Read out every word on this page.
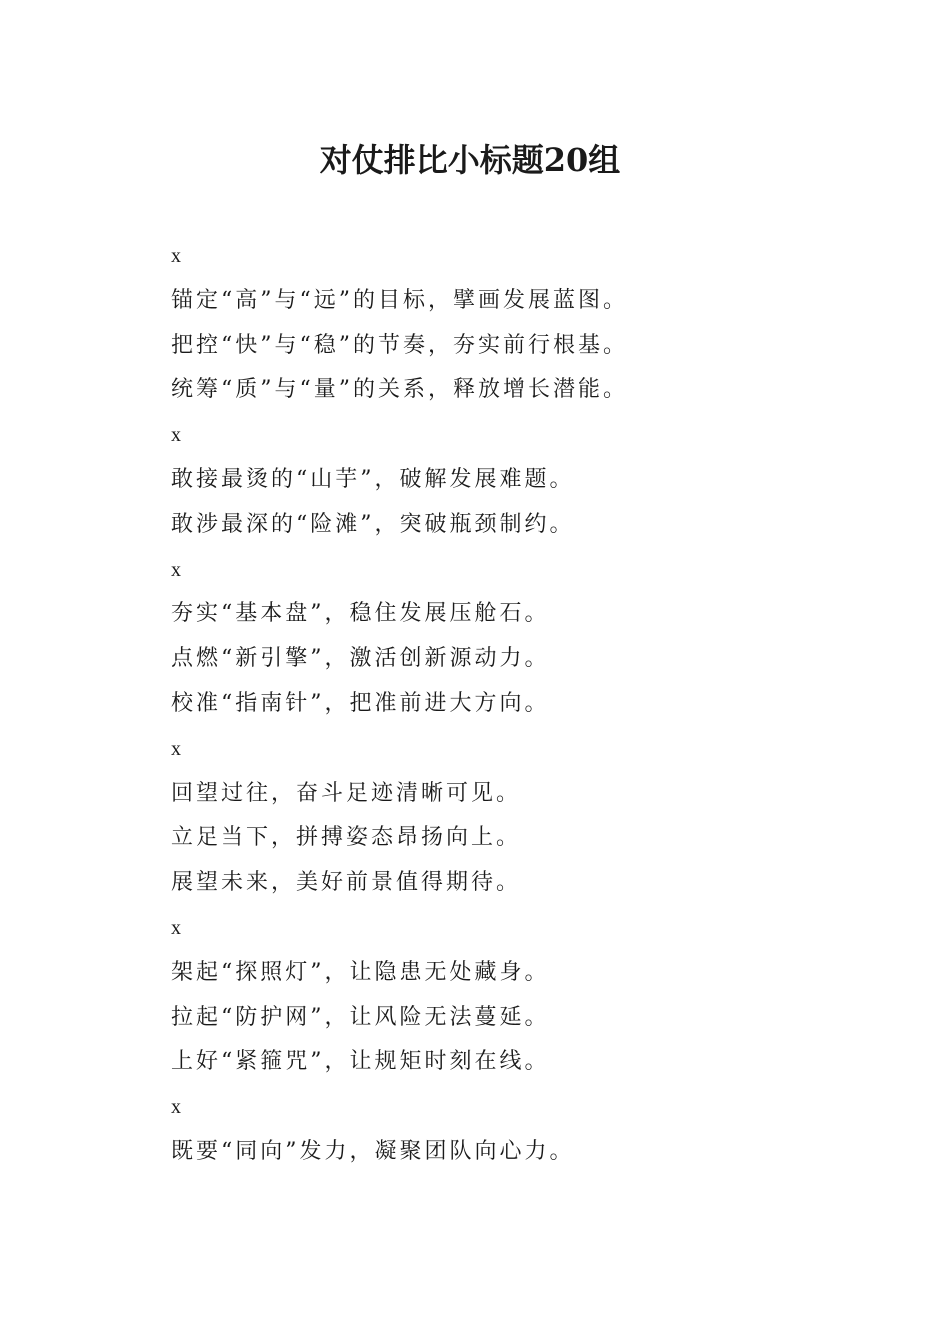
对仗排比小标题20组

x

锚定“高”与“远”的目标，擘画发展蓝图。

把控“快”与“稳”的节奏，夯实前行根基。

统筹“质”与“量”的关系，释放增长潜能。

x

敢接最烫的“山芋”，破解发展难题。

敢涉最深的“险滩”，突破瓶颈制约。

x

夯实“基本盘”，稳住发展压舱石。

点燃“新引擎”，激活创新源动力。

校准“指南针”，把准前进大方向。

x

回望过往，奋斗足迹清晰可见。

立足当下，拼搏姿态昂扬向上。

展望未来，美好前景值得期待。

x

架起“探照灯”，让隐患无处藏身。

拉起“防护网”，让风险无法蔓延。

上好“紧箍咒”，让规矩时刻在线。

x

既要“同向”发力，凝聚团队向心力。
